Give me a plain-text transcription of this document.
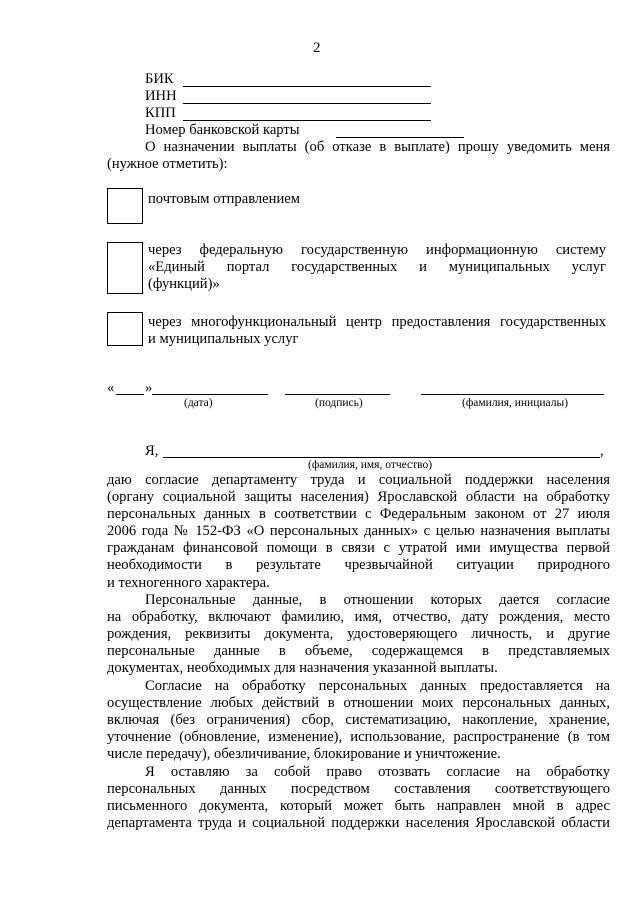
2
БИК
ИНН
КПП
Номер банковской карты
О назначении выплаты (об отказе в выплате) прошу уведомить меня
(нужное отметить):
почтовым отправлением
через федеральную государственную информационную систему
«Единый портал государственных и муниципальных услуг
(функций)»
через многофункциональный центр предоставления государственных
и муниципальных услуг
« »
(дата)	(подпись)	(фамилия, инициалы)
Я,	,
(фамилия, имя, отчество)
даю согласие департаменту труда и социальной поддержки населения
(органу социальной защиты населения) Ярославской области на обработку
персональных данных в соответствии с Федеральным законом от 27 июля
2006 года № 152-ФЗ «О персональных данных» с целью назначения выплаты
гражданам финансовой помощи в связи с утратой ими имущества первой
необходимости в результате чрезвычайной ситуации природного
и техногенного характера.
Персональные данные, в отношении которых дается согласие
на обработку, включают фамилию, имя, отчество, дату рождения, место
рождения, реквизиты документа, удостоверяющего личность, и другие
персональные данные в объеме, содержащемся в представляемых
документах, необходимых для назначения указанной выплаты.
Согласие на обработку персональных данных предоставляется на
осуществление любых действий в отношении моих персональных данных,
включая (без ограничения) сбор, систематизацию, накопление, хранение,
уточнение (обновление, изменение), использование, распространение (в том
числе передачу), обезличивание, блокирование и уничтожение.
Я оставляю за собой право отозвать согласие на обработку
персональных данных посредством составления соответствующего
письменного документа, который может быть направлен мной в адрес
департамента труда и социальной поддержки населения Ярославской области
